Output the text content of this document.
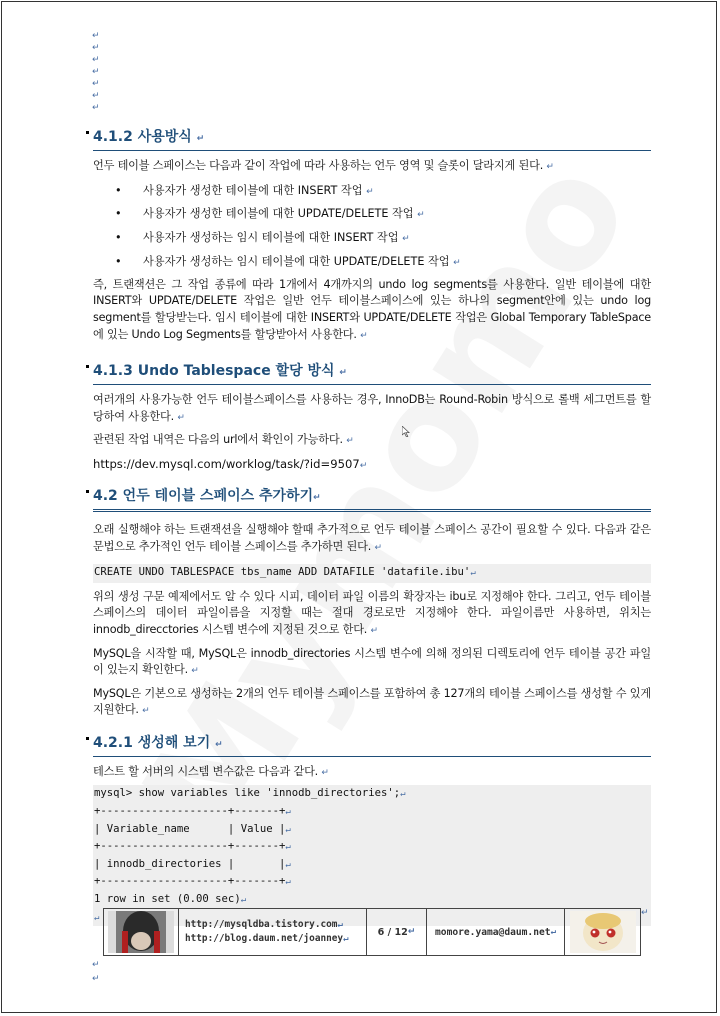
↵
↵
↵
↵
↵
↵
↵
4.1.2 사용방식 ↵

언두 테이블 스페이스는 다음과 같이 작업에 따라 사용하는 언두 영역 및 슬롯이 달라지게 된다. ↵

• 사용자가 생성한 테이블에 대한 INSERT 작업 ↵
• 사용자가 생성한 테이블에 대한 UPDATE/DELETE 작업 ↵
• 사용자가 생성하는 임시 테이블에 대한 INSERT 작업 ↵
• 사용자가 생성하는 임시 테이블에 대한 UPDATE/DELETE 작업 ↵

즉, 트랜잭션은 그 작업 종류에 따라 1개에서 4개까지의 undo log segments를 사용한다. 일반 테이블에 대한 INSERT와 UPDATE/DELETE 작업은 일반 언두 테이블스페이스에 있는 하나의 segment안에 있는 undo log segment를 할당받는다. 임시 테이블에 대한 INSERT와 UPDATE/DELETE 작업은 Global Temporary TableSpace에 있는 Undo Log Segments를 할당받아서 사용한다. ↵

4.1.3 Undo Tablespace 할당 방식 ↵

여러개의 사용가능한 언두 테이블스페이스를 사용하는 경우, InnoDB는 Round-Robin 방식으로 롤백 세그먼트를 할당하여 사용한다. ↵

관련된 작업 내역은 다음의 url에서 확인이 가능하다. ↵

https://dev.mysql.com/worklog/task/?id=9507↵
4.2 언두 테이블 스페이스 추가하기↵

오래 실행해야 하는 트랜잭션을 실행해야 할때 추가적으로 언두 테이블 스페이스 공간이 필요할 수 있다. 다음과 같은 문법으로 추가적인 언두 테이블 스페이스를 추가하면 된다. ↵

CREATE UNDO TABLESPACE tbs_name ADD DATAFILE 'datafile.ibu'↵

위의 생성 구문 예제에서도 알 수 있다 시피, 데이터 파일 이름의 확장자는 ibu로 지정해야 한다. 그리고, 언두 테이블스페이스의 데이터 파일이름을 지정할 때는 절대 경로로만 지정해야 한다. 파일이름만 사용하면, 위치는 innodb_direcctories 시스템 변수에 지정된 것으로 한다. ↵

MySQL을 시작할 때, MySQL은 innodb_directories 시스템 변수에 의해 정의된 디렉토리에 언두 테이블 공간 파일이 있는지 확인한다. ↵

MySQL은 기본으로 생성하는 2개의 언두 테이블 스페이스를 포함하여 총 127개의 테이블 스페이스를 생성할 수 있게 지원한다. ↵

4.2.1 생성해 보기 ↵

테스트 할 서버의 시스템 변수값은 다음과 같다. ↵

mysql> show variables like 'innodb_directories';↵
+--------------------+-------+↵
| Variable_name      | Value |↵
+--------------------+-------+↵
| innodb_directories |       |↵
+--------------------+-------+↵
1 row in set (0.00 sec)↵
↵
http://mysqldba.tistory.com↵
http://blog.daum.net/joanney↵
6 / 12 ↵ momore.yama@daum.net ↵
↵
↵
↵
